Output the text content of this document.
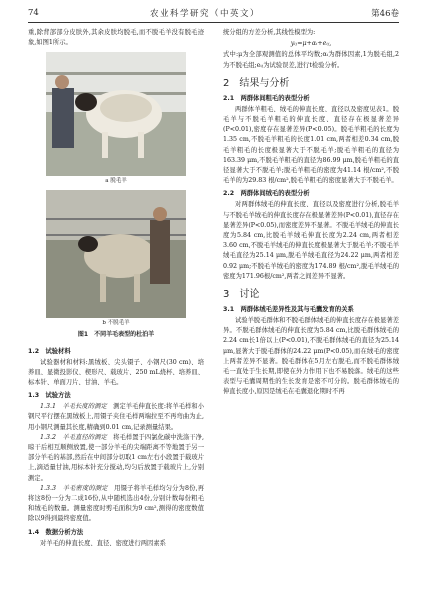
74	农业科学研究（中英文）	第46卷

重,除背部部分皮肤外,其余皮肤均脱毛,而不脱毛羊没有脱毛迹象,如图1所示。

a 脱毛羊
b 不脱毛羊
图1　不同羊毛表型的杜泊羊
1.2　试验材料

试验器材和材料:黑绒板、尖头镊子、小钢尺(30 cm)、培养皿、显微投影仪、楔形尺、载玻片、250 mL烧杯、培养皿、标本针、单面刀片、甘油、羊毛。

1.3　试验方法

1.3.1　羊毛长度的测定　 测定羊毛伸直长度:将羊毛样和小钢尺平行摆在黑绒板上,用镊子夹住毛样两端拉至不再弯曲为止,用小钢尺测量其长度,精确到0.01 cm,记录测量结果。

1.3.2　羊毛直径的测定　 将毛样置于四氯化碳中洗涤干净,晾干后相互顺侧放置,使一部分羊毛的尖端距离不等地置于另一部分羊毛的基部,然后在中间部分切取1 cm左右小段置于载玻片上,滴适量甘油,用标本针充分搅动,均匀后放置于载玻片上,分别测定。

1.3.3　羊毛密度的测定　 用镊子将羊毛样均匀分为8份,再将这8份一分为二成16份,从中随机选出4份,分别计数每份粗毛和绒毛的数量。测量密度时剪毛面积为9 cm²,测得的密度数值除以9得到最终密度值。

1.4　数据分析方法

对羊毛的伸直长度、直径、密度进行两因素系

统分组的方差分析,其线性模型为:

yᵢⱼ=μ+αᵢ+eᵢⱼ,

式中:μ为全部观测值的总体平均数;αᵢ为群体因素,1为脱毛组,2为不脱毛组;eᵢⱼ为试验误差,进行t检验分析。

2　结果与分析
2.1　两群体间粗毛的表型分析

两群体羊粗毛、绒毛的伸直长度、直径以及密度见表1。脱毛羊与不脱毛羊粗毛的伸直长度、直径存在极显著差异(P<0.01),密度存在显著差异(P<0.05)。脱毛羊粗毛的长度为1.35 cm,不脱毛羊粗毛的长度1.01 cm,两者相差0.34 cm,脱毛羊粗毛的长度极显著大于不脱毛羊;脱毛羊粗毛的直径为163.39 μm,不脱毛羊粗毛的直径为86.99 μm,脱毛羊粗毛的直径显著大于不脱毛羊;脱毛羊粗毛的密度为41.14 根/cm²,不脱毛羊的为29.83 根/cm²,脱毛羊粗毛的密度显著大于不脱毛羊。

2.2　两群体间绒毛的表型分析

对两群体绒毛的伸直长度、直径以及密度进行分析,脱毛羊与不脱毛羊绒毛的伸直长度存在极显著差异(P<0.01),直径存在显著差异(P<0.05),而密度差异不显著。不脱毛羊绒毛的伸直长度为5.84 cm,比脱毛羊绒毛伸直长度为2.24 cm,两者相差3.60 cm,不脱毛羊绒毛的伸直长度极显著大于脱毛羊;不脱毛羊绒毛直径为25.14 μm,脱毛羊绒毛直径为24.22 μm,两者相差0.92 μm;不脱毛羊绒毛的密度为174.89 根/cm²,脱毛羊绒毛的密度为171.96根/cm²,两者之间差异不显著。

3　讨论
3.1　两群体绒毛差异性及其与毛囊发育的关系

试验羊脱毛群体和不脱毛群体绒毛的伸直长度存在极显著差异。不脱毛群体绒毛的伸直长度为5.84 cm,比脱毛群体绒毛的2.24 cm长1倍以上(P<0.01),不脱毛群体绒毛的直径为25.14 μm,显著大于脱毛群体的24.22 μm(P<0.05),而在绒毛的密度上两者差异不显著。脱毛群体在5月左右脱毛,而不脱毛群体绒毛一直处于生长期,即使在外力作用下也不易脱落。绒毛的这些表型与毛囊周期性的生长发育是密不可分的。脱毛群体绒毛的伸直长度小,原因是绒毛在毛囊退化期时不再
